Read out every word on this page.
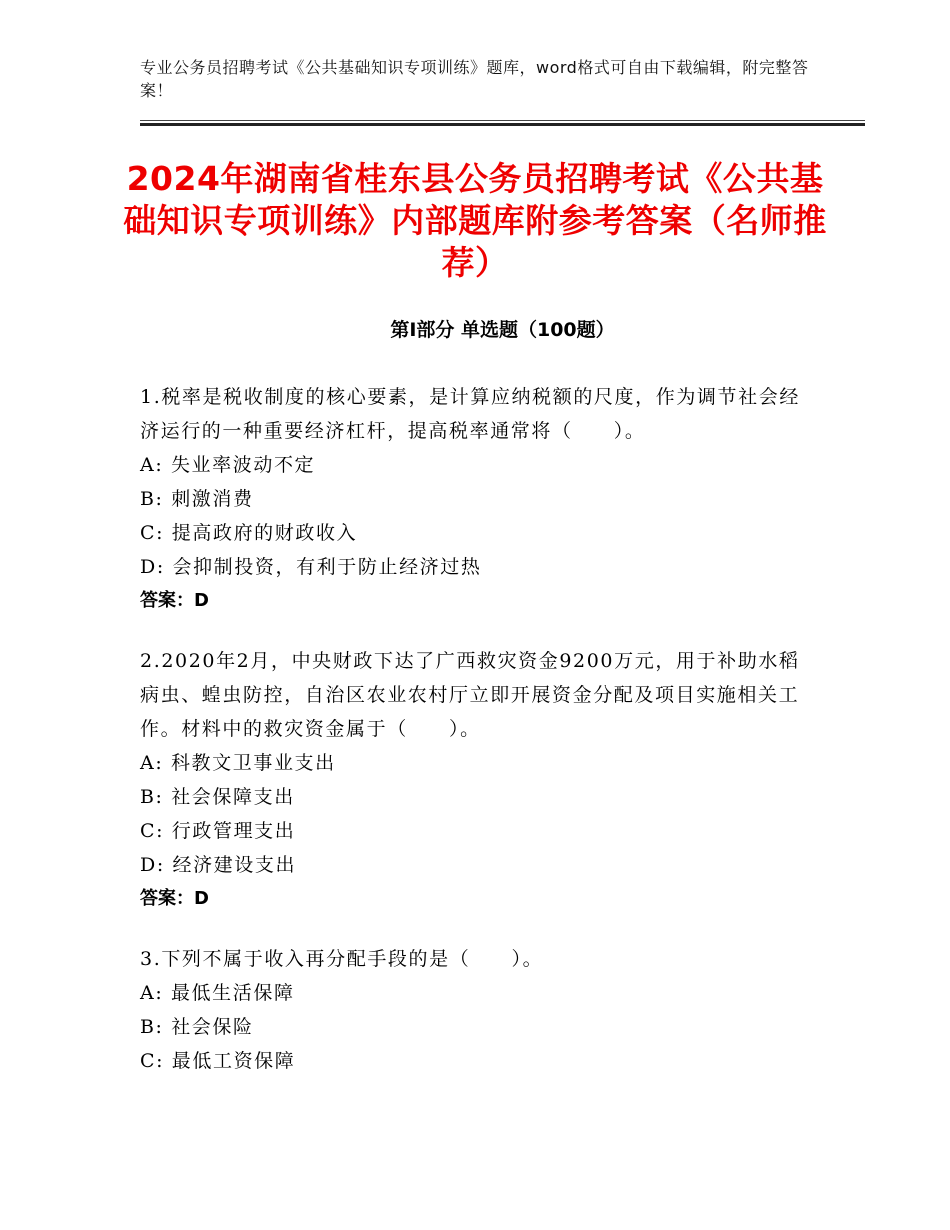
专业公务员招聘考试《公共基础知识专项训练》题库，word格式可自由下载编辑，附完整答案！
2024年湖南省桂东县公务员招聘考试《公共基础知识专项训练》内部题库附参考答案（名师推荐）
第I部分 单选题（100题）
1.税率是税收制度的核心要素，是计算应纳税额的尺度，作为调节社会经济运行的一种重要经济杠杆，提高税率通常将（　　）。
A: 失业率波动不定
B: 刺激消费
C: 提高政府的财政收入
D: 会抑制投资，有利于防止经济过热
答案：D
2.2020年2月，中央财政下达了广西救灾资金9200万元，用于补助水稻病虫、蝗虫防控，自治区农业农村厅立即开展资金分配及项目实施相关工作。材料中的救灾资金属于（　　）。
A: 科教文卫事业支出
B: 社会保障支出
C: 行政管理支出
D: 经济建设支出
答案：D
3.下列不属于收入再分配手段的是（　　）。
A: 最低生活保障
B: 社会保险
C: 最低工资保障
